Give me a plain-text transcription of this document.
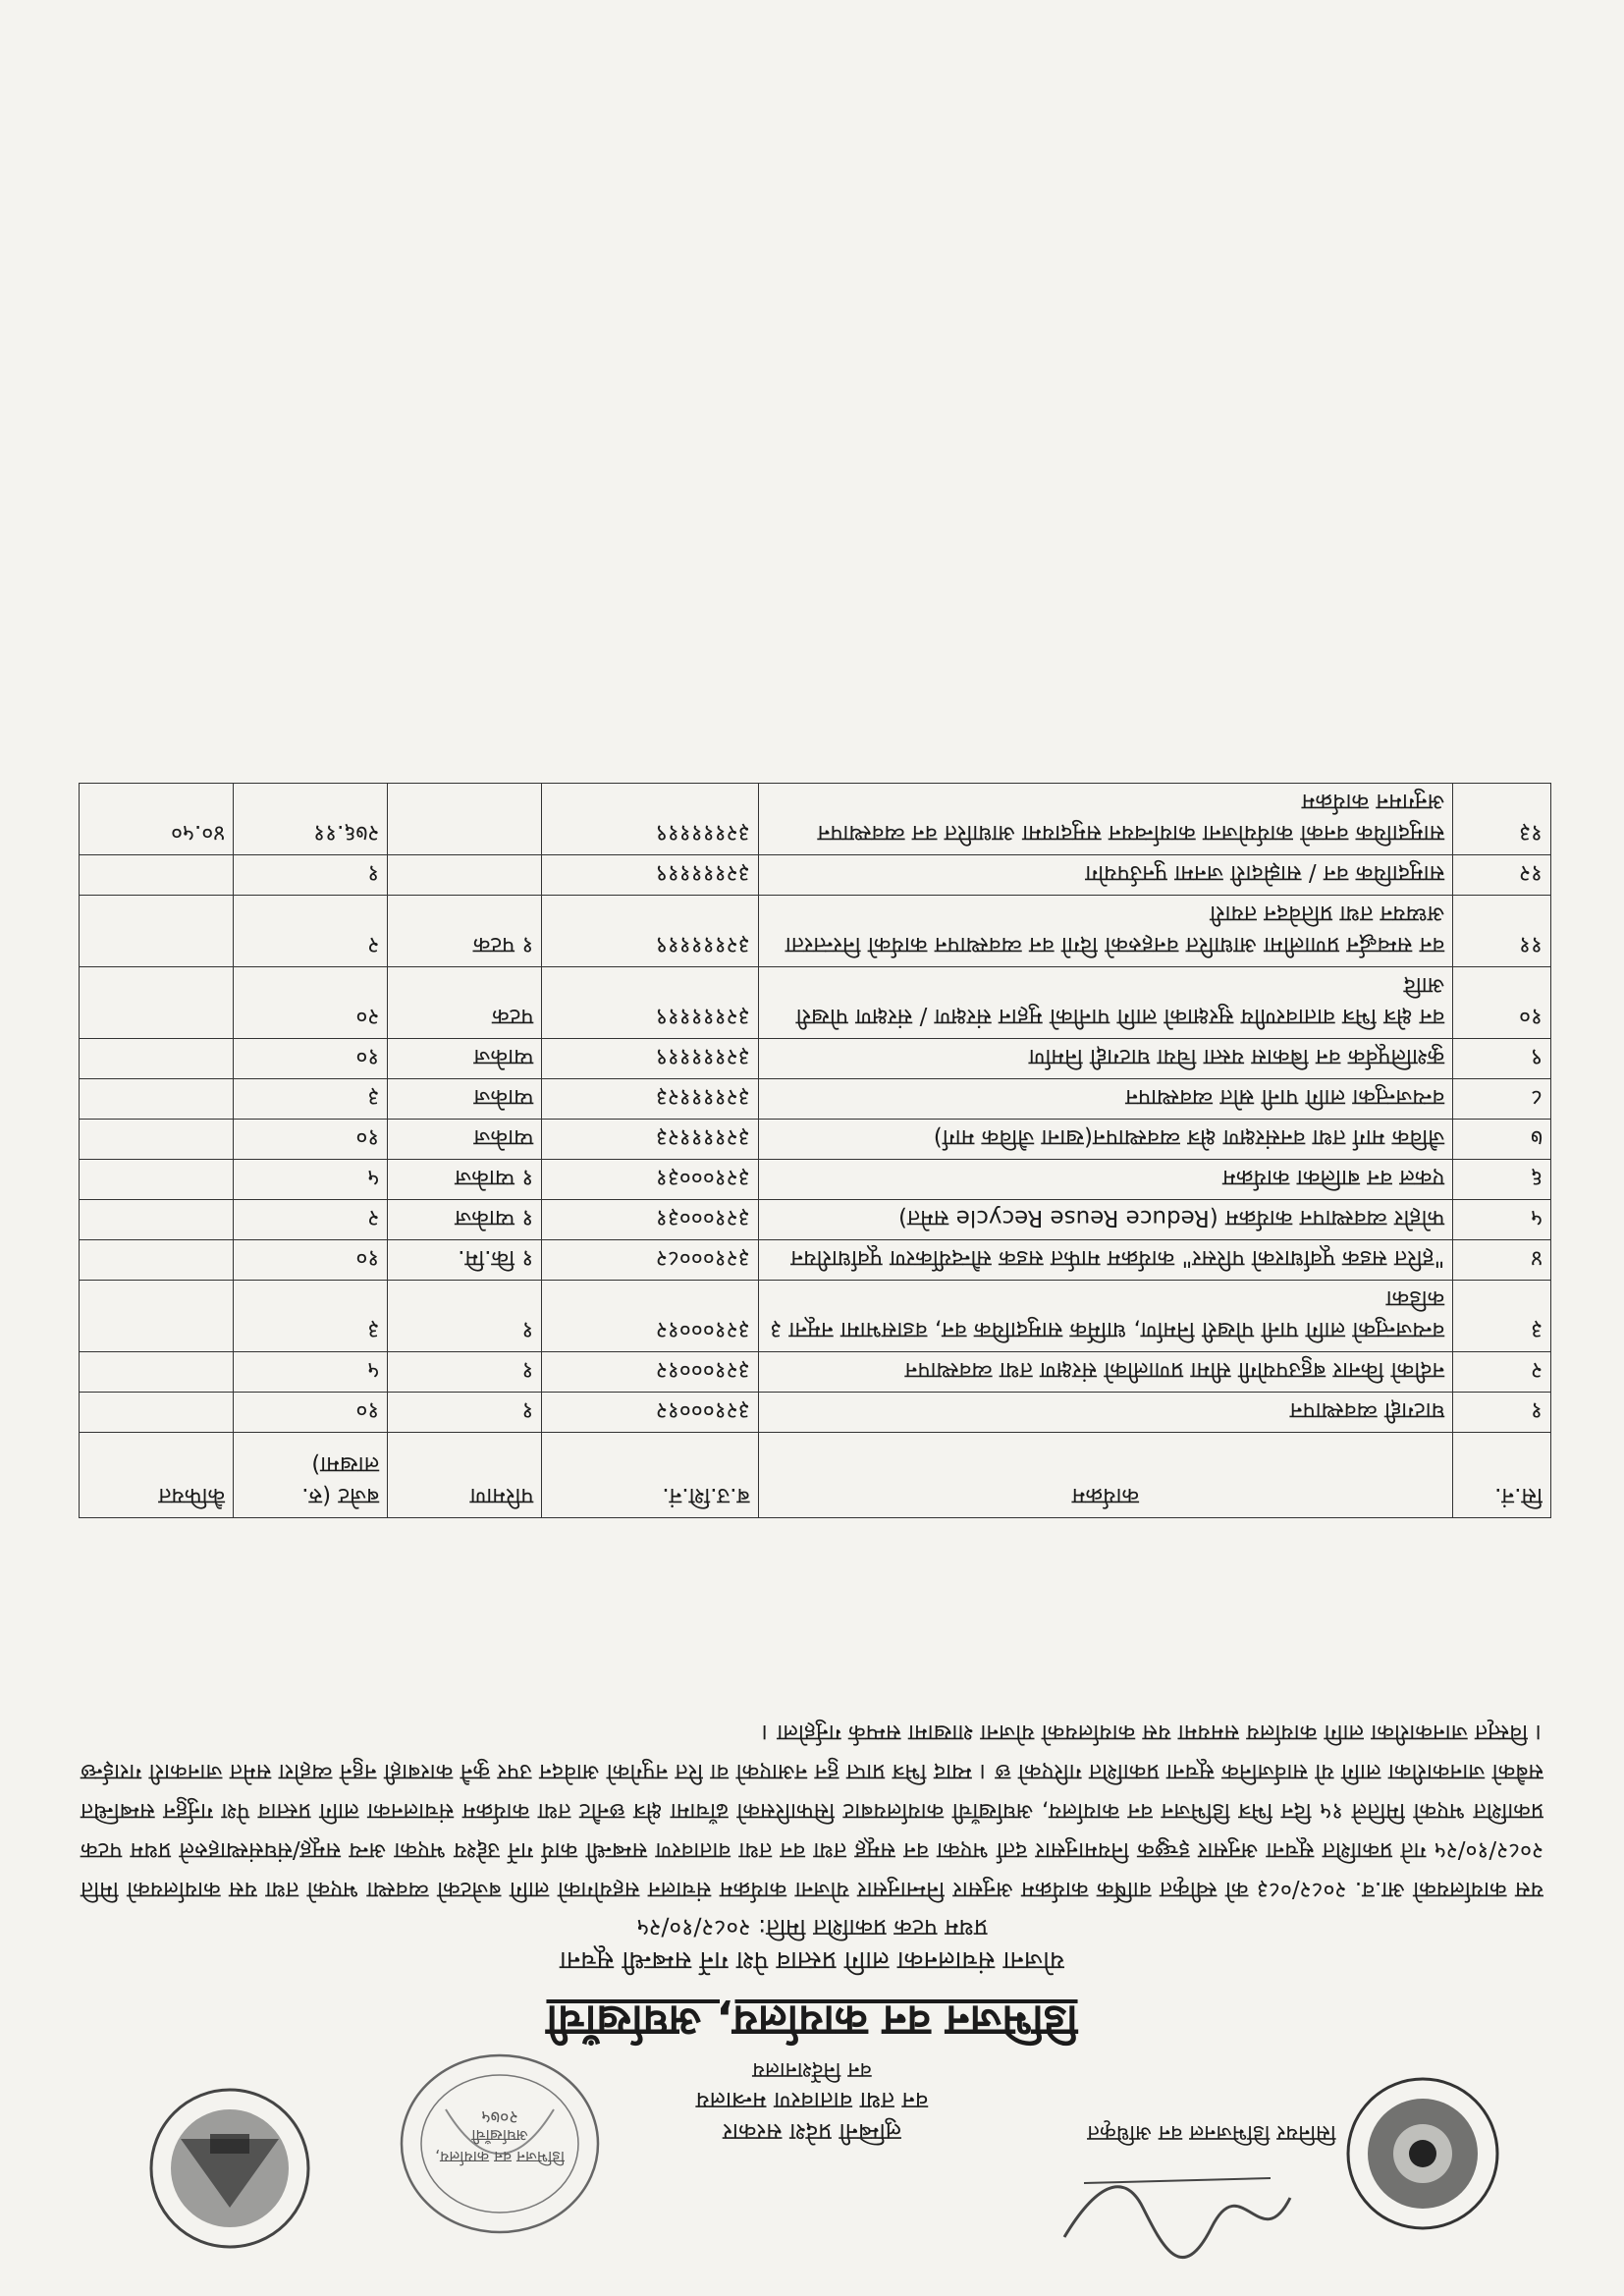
डिभिजन वन कार्यालय, अर्घाखाँची
२०७५
सिनियर डिभिजनल वन अधिकृत
लुम्बिनी प्रदेश सरकार
वन तथा वातावरण मन्त्रालय
वन निर्देशनालय
डिभिजन वन कार्यालय, अर्घाखाँची
योजना संचालनका लागि प्रस्ताव पेश गर्ने सम्बन्धी सूचना
प्रथम पटक प्रकाशित मिति: २०८२/१०/२५
यस कार्यालयको आ.व. २०८२/०८३ को स्वीकृत वार्षिक कार्यक्रम अनुसार निम्नानुसार योजना कार्यक्रम संचालन सहयोगको लागि बजेटको व्यवस्था भएको तथा यस कार्यालयको मिति २०८२/१०/२५ गते प्रकाशित सूचना अनुसार इच्छुक नियमानुसार दर्ता भएका वन समूह तथा वन तथा वातावरण सम्बन्धी कार्य गर्ने उद्देश्य भएका अन्य समूह/संघसंस्थाहरुले प्रथम पटक प्रकाशित भएको मितिले १५ दिन भित्र डिभिजन वन कार्यालय, अर्घाखाँची कार्यालयबाट सिफारिसको ढाँचामा क्षेत्र छनौट तथा कार्यक्रम संचालनका लागि प्रस्ताव पेश गर्नुहुन सम्बन्धित सबैको जानकारीका लागि यो सार्वजनिक सूचना प्रकाशित गरिएको छ । म्याद भित्र प्राप्त हुन नआएको वा रित नपुगेको आवेदन उपर कुनै कारबाही नहुने व्यहोरा समेत जानकारी गराईन्छ । विस्तृत जानकारीका लागि कार्यालय समयमा यस कार्यालयको योजना शाखामा सम्पर्क गर्नुहोला ।
सि.नं.	कार्यक्रम	ब.उ.शि.नं.	परिमाण	बजेट (रु. लाखमा)	कैफियत
१	घाटगद्दी व्यवस्थापन	३२१०००१२	१	१०	
२	नदीको किनार बहुउपयोगी सीमा प्रणालीको संरक्षण तथा व्यवस्थापन	३२१०००१२	१	५	
३	वन्यजन्तुको लागि पानी पोखरी निर्माण, धार्मिक सामुदायिक वन, वडासभामा नमूना ३ कडिका	३२१०००१२	१	३	
४	"हरित सडक पूर्वाधारको परिसर" कार्यक्रम मार्फत सडक सौन्दर्यीकरण पूर्वाधारीयन	३२१०००८२	१ कि.मि.	१०	
५	फोहोर व्यवस्थापन कार्यक्रम (Reduce Reuse Recycle समेत)	३२१०००३१	१ प्याकेज	२	
६	एकल वन बालिका कार्यक्रम	३२१०००३१	१ प्याकेज	५	
७	जैविक मार्ग तथा वनसंरक्षण क्षेत्र व्यवस्थापन(खाना जैविक मार्ग)	३२११११२३	प्याकेज	१०	
८	वन्यजन्तुका लागि पानी स्रोत व्यवस्थापन	३२११११२३	प्याकेज	३	
९	कुशलिपूर्वक वन बिकास यस्ता चिया घाटगद्दी निर्माण	३२१११११९	प्याकेज	१०	
१०	वन क्षेत्र भित्र वातावरणीय सुरक्षाको लागि पानीको मुहान संरक्षण / संरक्षण पोखरी आदि	३२१११११९	पटक	२०	
११	वन सम्वर्द्धन प्रणालीमा आधारित वनहरुको दिगो वन व्यवस्थापन कार्यको निरन्तरता अध्ययन तथा प्रतिवेदन तयारी	३२१११११९	१ पटक	२	
१२	सामुदायिक वन / साझेदारी जनमा पुनर्उपयोग	३२१११११९		१	
१३	सामुदायिक वनको कार्ययोजना कार्यान्वयन समुदायमा आधारित वन व्यवस्थापन अनुगमन कार्यक्रम	३२१११११९		२७६.११	४०.५०
